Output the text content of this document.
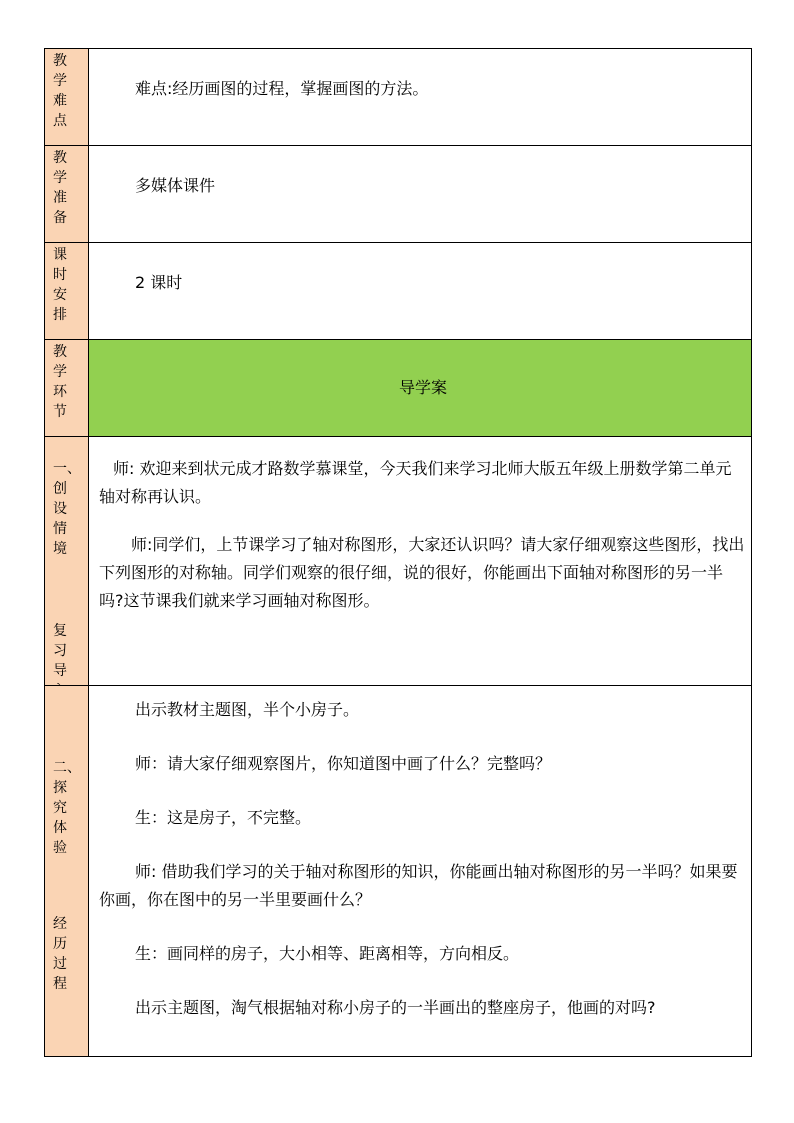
教
学
难
点

难点:经历画图的过程，掌握画图的方法。

教
学
准
备

多媒体课件

课
时
安
排

2 课时

教
学
环
节
导学案

一、
创
设
情
境

复
习
导

师: 欢迎来到状元成才路数学慕课堂，今天我们来学习北师大版五年级上册数学第二单元轴对称再认识。

师:同学们，上节课学习了轴对称图形，大家还认识吗？请大家仔细观察这些图形，找出下列图形的对称轴。同学们观察的很仔细，说的很好，你能画出下面轴对称图形的另一半吗?这节课我们就来学习画轴对称图形。

二、
探
究
体
验

经
历
过
程

出示教材主题图，半个小房子。

师：请大家仔细观察图片，你知道图中画了什么？完整吗？

生：这是房子，不完整。

师: 借助我们学习的关于轴对称图形的知识，你能画出轴对称图形的另一半吗？如果要你画，你在图中的另一半里要画什么？

生：画同样的房子，大小相等、距离相等，方向相反。

出示主题图，淘气根据轴对称小房子的一半画出的整座房子，他画的对吗?
